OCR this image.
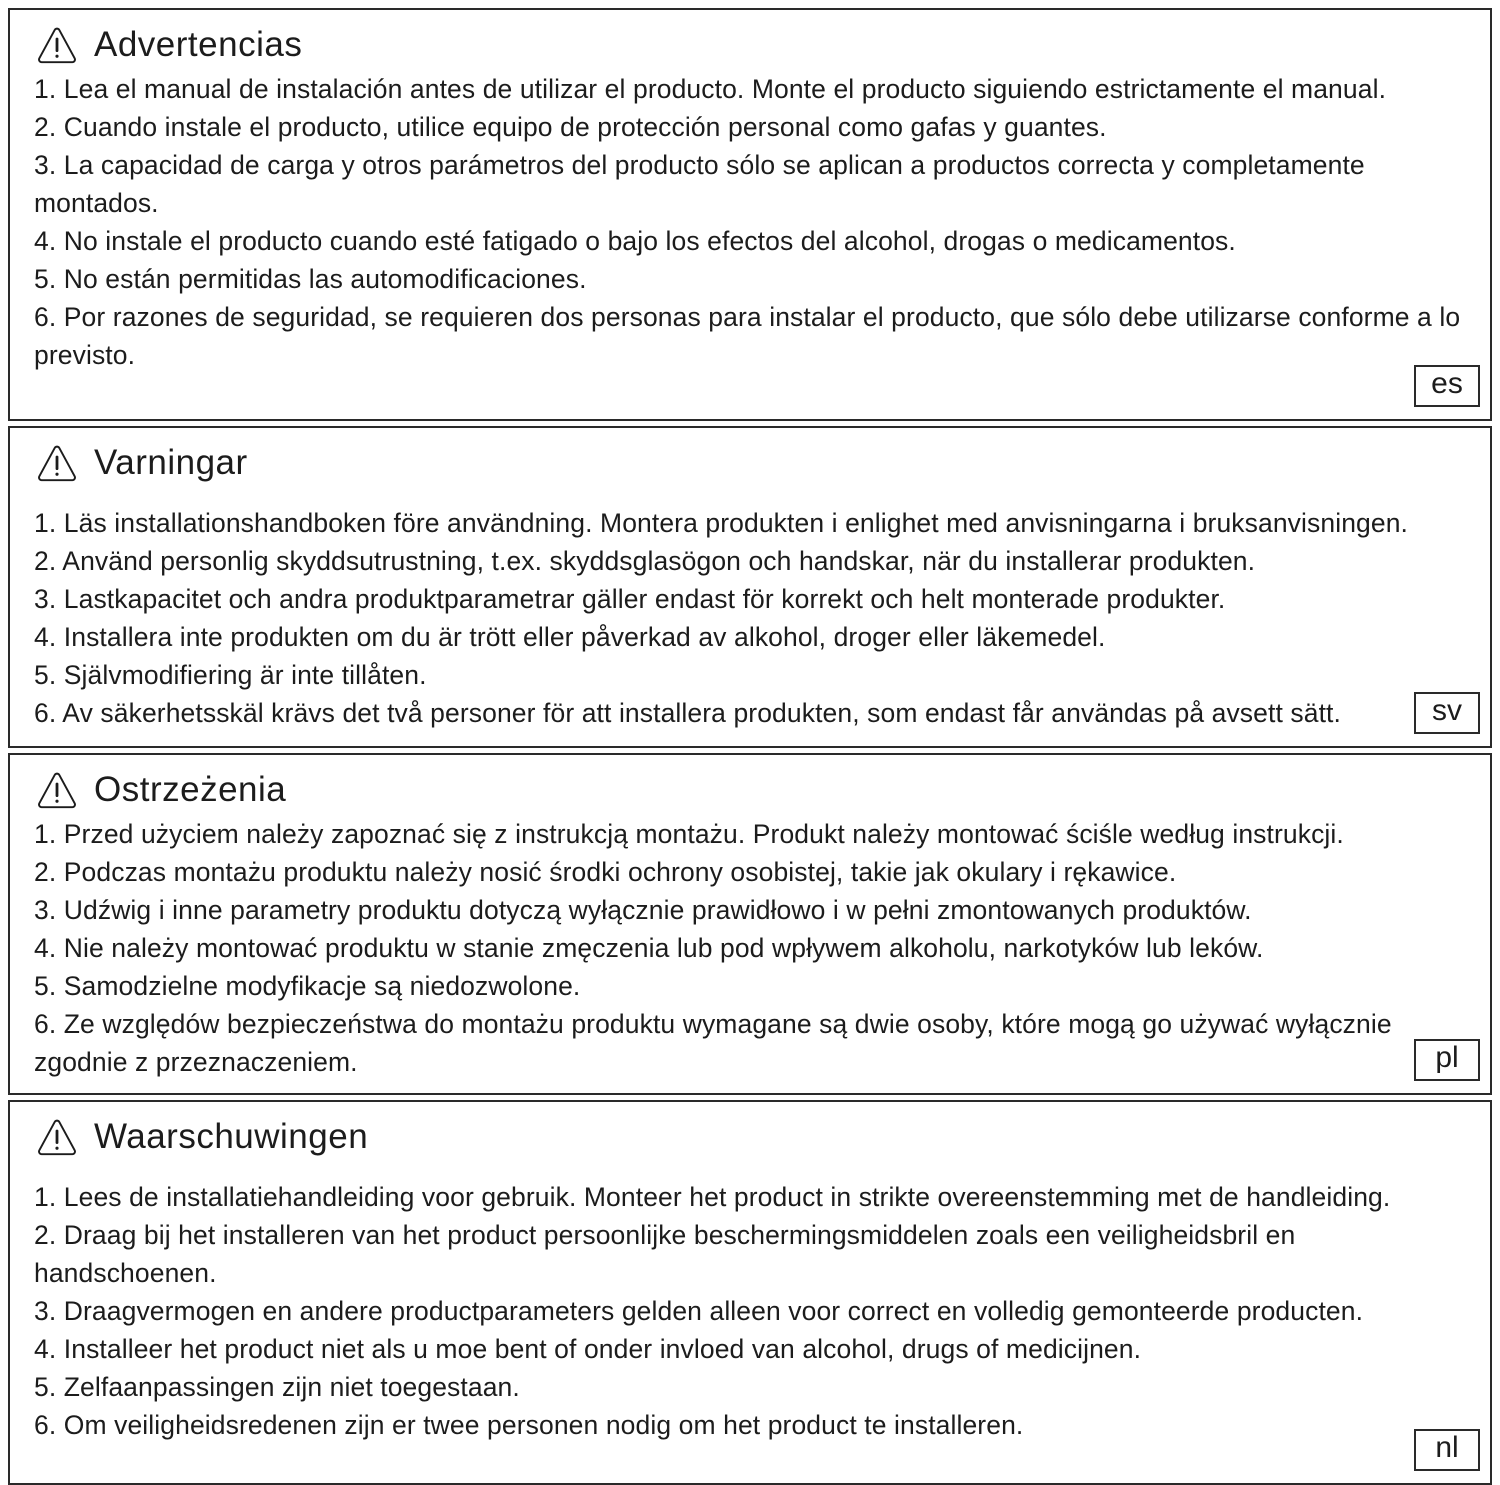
Advertencias
1. Lea el manual de instalación antes de utilizar el producto. Monte el producto siguiendo estrictamente el manual.
2. Cuando instale el producto, utilice equipo de protección personal como gafas y guantes.
3. La capacidad de carga y otros parámetros del producto sólo se aplican a productos correcta y completamente montados.
4. No instale el producto cuando esté fatigado o bajo los efectos del alcohol, drogas o medicamentos.
5. No están permitidas las automodificaciones.
6. Por razones de seguridad, se requieren dos personas para instalar el producto, que sólo debe utilizarse conforme a lo previsto.
es
Varningar
1. Läs installationshandboken före användning. Montera produkten i enlighet med anvisningarna i bruksanvisningen.
2. Använd personlig skyddsutrustning, t.ex. skyddsglasögon och handskar, när du installerar produkten.
3. Lastkapacitet och andra produktparametrar gäller endast för korrekt och helt monterade produkter.
4. Installera inte produkten om du är trött eller påverkad av alkohol, droger eller läkemedel.
5. Självmodifiering är inte tillåten.
6. Av säkerhetsskäl krävs det två personer för att installera produkten, som endast får användas på avsett sätt.	sv
Ostrzeżenia
1. Przed użyciem należy zapoznać się z instrukcją montażu. Produkt należy montować ściśle według instrukcji.
2. Podczas montażu produktu należy nosić środki ochrony osobistej, takie jak okulary i rękawice.
3. Udźwig i inne parametry produktu dotyczą wyłącznie prawidłowo i w pełni zmontowanych produktów.
4. Nie należy montować produktu w stanie zmęczenia lub pod wpływem alkoholu, narkotyków lub leków.
5. Samodzielne modyfikacje są niedozwolone.
6. Ze względów bezpieczeństwa do montażu produktu wymagane są dwie osoby, które mogą go używać wyłącznie zgodnie z przeznaczeniem.	pl
Waarschuwingen
1. Lees de installatiehandleiding voor gebruik. Monteer het product in strikte overeenstemming met de handleiding.
2. Draag bij het installeren van het product persoonlijke beschermingsmiddelen zoals een veiligheidsbril en handschoenen.
3. Draagvermogen en andere productparameters gelden alleen voor correct en volledig gemonteerde producten.
4. Installeer het product niet als u moe bent of onder invloed van alcohol, drugs of medicijnen.
5. Zelfaanpassingen zijn niet toegestaan.
6. Om veiligheidsredenen zijn er twee personen nodig om het product te installeren.
nl
